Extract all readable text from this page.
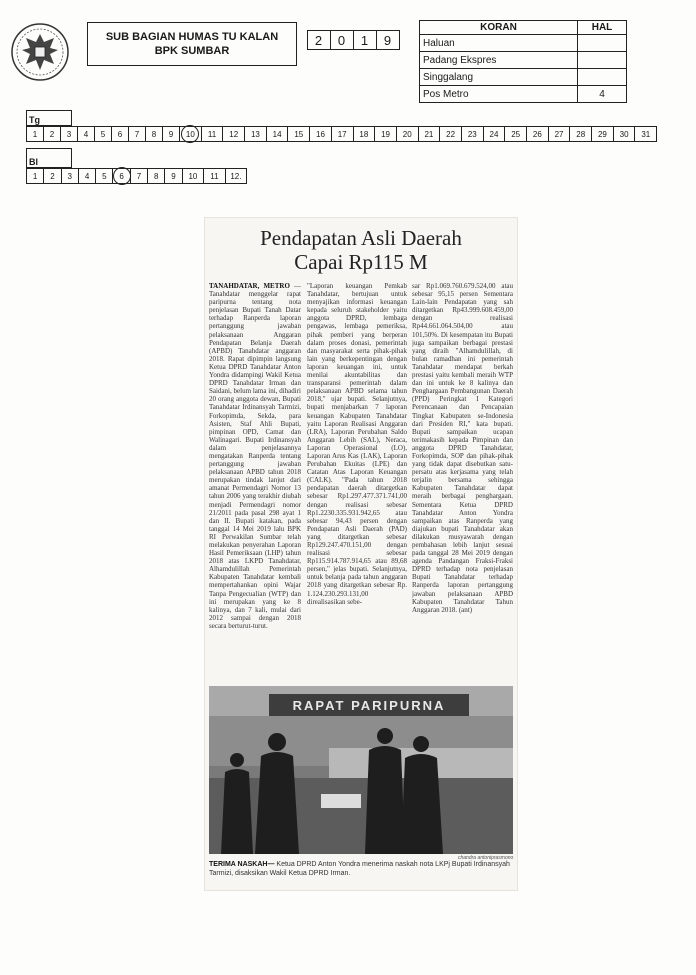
SUB BAGIAN HUMAS TU KALAN
BPK SUMBAR
2	0	1	9
KORAN	HAL
Haluan	
Padang Ekspres	
Singgalang	
Pos Metro	4
Tg
1	2	3	4	5	6	7	8	9	10	11	12	13	14	15	16	17	18	19	20	21	22	23	24	25	26	27	28	29	30	31
Bl
1	2	3	4	5	6	7	8	9	10	11	12.
Pendapatan Asli Daerah
Capai Rp115 M
TANAHDATAR, METRO — Tanahdatar menggelar rapat paripurna tentang nota penjelasan Bupati Tanah Datar terhadap Ranperda laporan pertanggung jawaban pelaksanaan Anggaran Pendapatan Belanja Daerah (APBD) Tanahdatar anggaran 2018. Rapat dipimpin langsung Ketua DPRD Tanahdatar Anton Yondra didampingi Wakil Ketua DPRD Tanahdatar Irman dan Saidani, belum lama ini, dihadiri 20 orang anggota dewan, Bupati Tanahdatar Irdinansyah Tarmizi, Forkopimda, Sekda, para Asisten, Staf Ahli Bupati, pimpinan OPD, Camat dan Walinagari. Bupati Irdinansyah dalam penjelasannya mengatakan Ranperda tentang pertanggung jawaban pelaksanaan APBD tahun 2018 merupakan tindak lanjut dari amanat Permendagri Nomor 13 tahun 2006 yang terakhir diubah menjadi Permendagri nomor 21/2011 pada pasal 298 ayat 1 dan II. Bupati katakan, pada tanggal 14 Mei 2019 lalu BPK RI Perwakilan Sumbar telah melakukan penyerahan Laporan Hasil Pemeriksaan (LHP) tahun 2018 atas LKPD Tanahdatar, Alhamdulillah Pemerintah Kabupaten Tanahdatar kembali mempertahankan opini Wajar Tanpa Pengecualian (WTP) dan ini merupakan yang ke 8 kalinya, dan 7 kali, mulai dari 2012 sampai dengan 2018 secara berturut-turut.
"Laporan keuangan Pemkab Tanahdatar, bertujuan untuk menyajikan informasi keuangan kepada seluruh stakeholder yaitu anggota DPRD, lembaga pengawas, lembaga pemeriksa, pihak pemberi yang berperan dalam proses donasi, pemerintah dan masyarakat serta pihak-pihak lain yang berkepentingan dengan laporan keuangan ini, untuk menilai akuntabilitas dan transparansi pemerintah dalam pelaksanaan APBD selama tahun 2018," ujar bupati. Selanjutnya, bupati menjabarkan 7 laporan keuangan Kabupaten Tanahdatar yaitu Laporan Realisasi Anggaran (LRA), Laporan Perubahan Saldo Anggaran Lebih (SAL), Neraca, Laporan Operasional (LO), Laporan Arus Kas (LAK), Laporan Perubahan Ekuitas (LPE) dan Catatan Atas Laporan Keuangan (CALK). "Pada tahun 2018 pendapatan daerah ditargetkan sebesar Rp1.297.477.371.741,00 dengan realisasi sebesar Rp1.2230.335.931.942,65 atau sebesar 94,43 persen dengan Pendapatan Asli Daerah (PAD) yang ditargetkan sebesar Rp129.247.470.151,00 dengan realisasi sebesar Rp115.914.787.914,65 atau 89,68 persen," jelas bupati. Selanjutnya, untuk belanja pada tahun anggaran 2018 yang ditargetkan sebesar Rp. 1.124.230.293.131,00 direalisasikan sebe-
sar Rp1.069.760.679.524,00 atau sebesar 95,15 persen Sementara Lain-lain Pendapatan yang sah ditargetkan Rp43.999.608.459,00 dengan realisasi Rp44.661.064.504,00 atau 101,50%. Di kesempatan itu Bupati juga sampaikan berbagai prestasi yang diraih "Alhamdulillah, di bulan ramadhan ini pemerintah Tanahdatar mendapat berkah prestasi yaitu kembali meraih WTP dan ini untuk ke 8 kalinya dan Penghargaan Pembangunan Daerah (PPD) Peringkat I Kategori Perencanaan dan Pencapaian Tingkat Kabupaten se-Indonesia dari Presiden RI," kata bupati. Bupati sampaikan ucapan terimakasih kepada Pimpinan dan anggota DPRD Tanahdatar, Forkopimda, SOP dan pihak-pihak yang tidak dapat disebutkan satu-persatu atas kerjasama yang telah terjalin bersama sehingga Kabupaten Tanahdatar dapat meraih berbagai penghargaan. Sementara Ketua DPRD Tanahdatar Anton Yondra sampaikan atas Ranperda yang diajukan bupati Tanahdatar akan dilakukan musyawarah dengan pembahasan lebih lanjut sesuai pada tanggal 28 Mei 2019 dengan agenda Pandangan Fraksi-Fraksi DPRD terhadap nota penjelasan Bupati Tanahdatar terhadap Ranperda laporan pertanggung jawaban pelaksanaan APBD Kabupaten Tanahdatar Tahun Anggaran 2018. (ant)
RAPAT PARIPURNA
chandra antoniprasmono
TERIMA NASKAH— Ketua DPRD Anton Yondra menerima naskah nota LKPj Bupati Irdinansyah Tarmizi, disaksikan Wakil Ketua DPRD Irman.
